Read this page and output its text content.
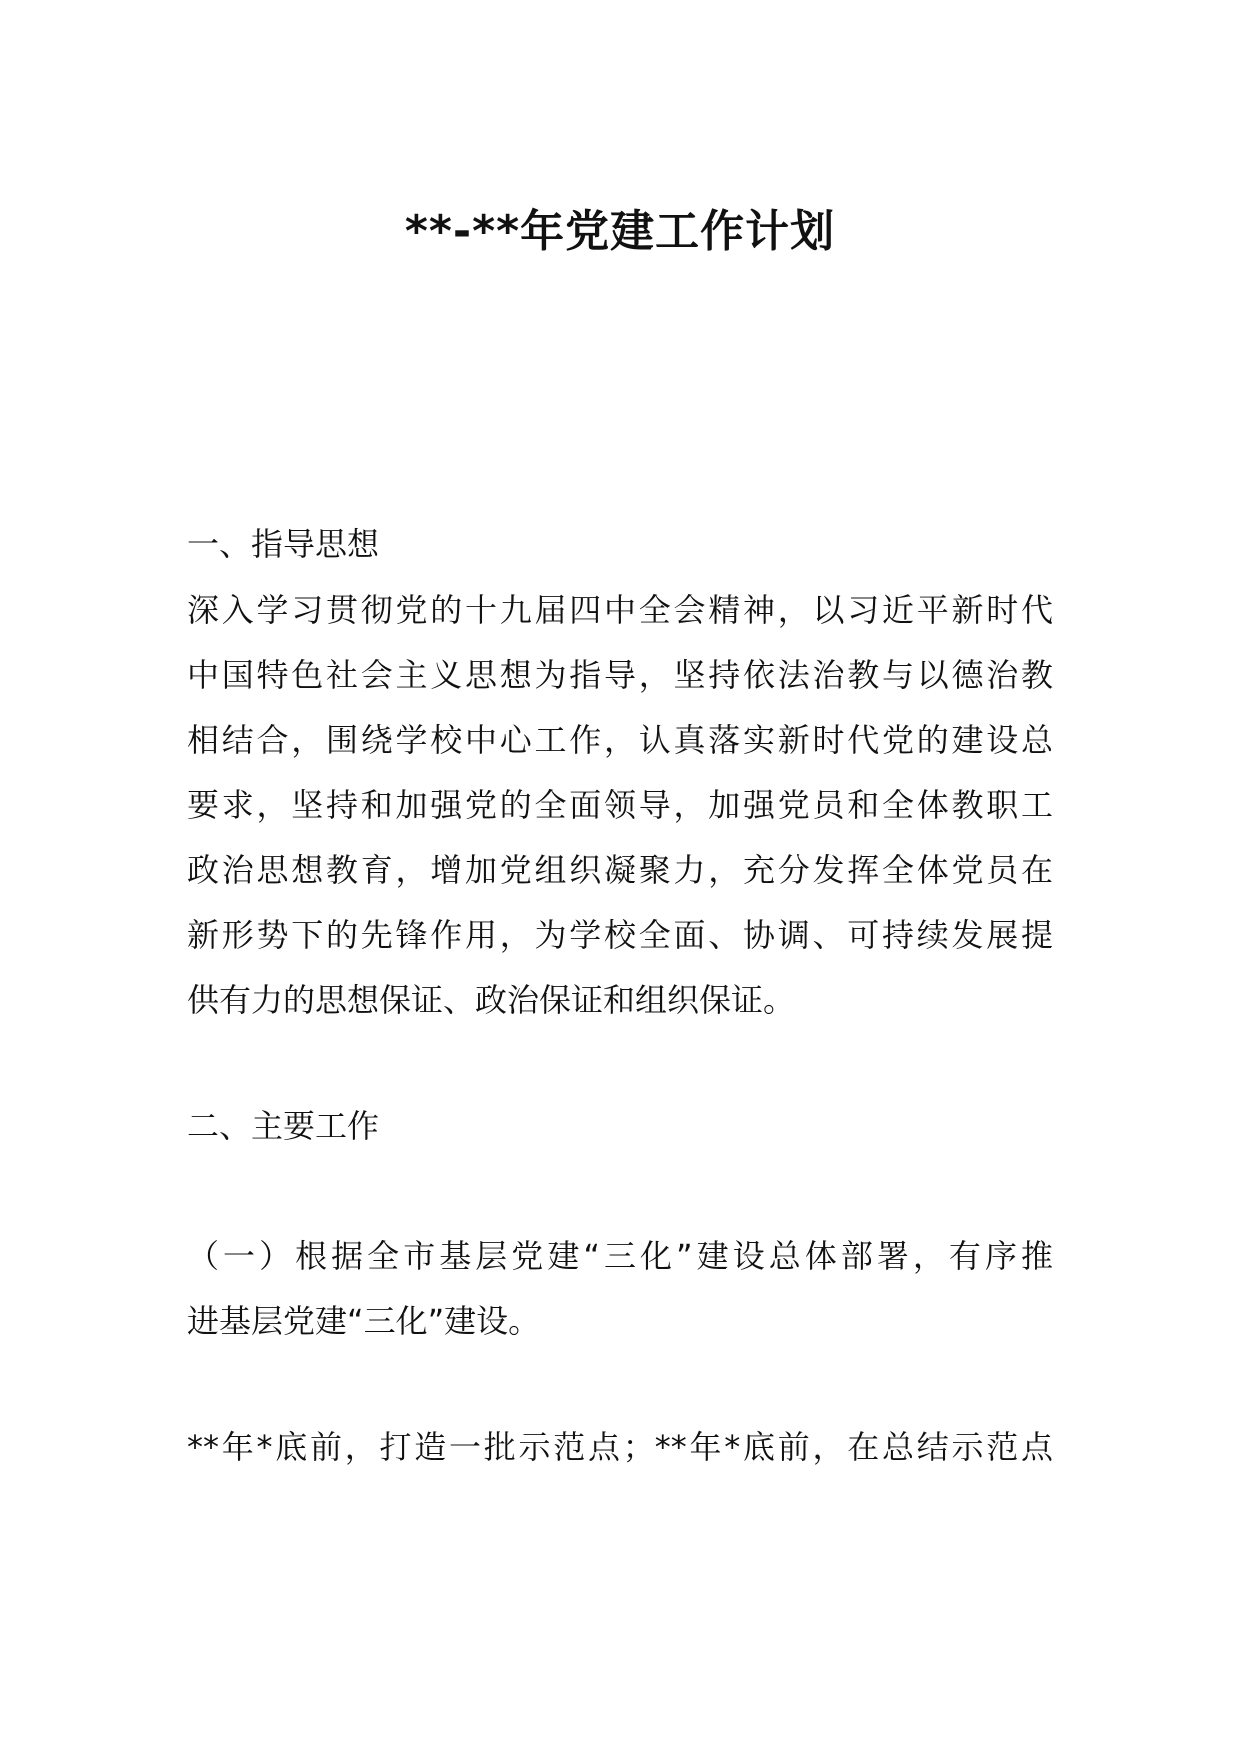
**-**年党建工作计划

一、指导思想

深入学习贯彻党的十九届四中全会精神，以习近平新时代
中国特色社会主义思想为指导，坚持依法治教与以德治教
相结合，围绕学校中心工作，认真落实新时代党的建设总
要求，坚持和加强党的全面领导，加强党员和全体教职工
政治思想教育，增加党组织凝聚力，充分发挥全体党员在
新形势下的先锋作用，为学校全面、协调、可持续发展提
供有力的思想保证、政治保证和组织保证。

二、主要工作

（一）根据全市基层党建“三化”建设总体部署，有序推
进基层党建“三化”建设。
**年*底前，打造一批示范点；**年*底前，在总结示范点
